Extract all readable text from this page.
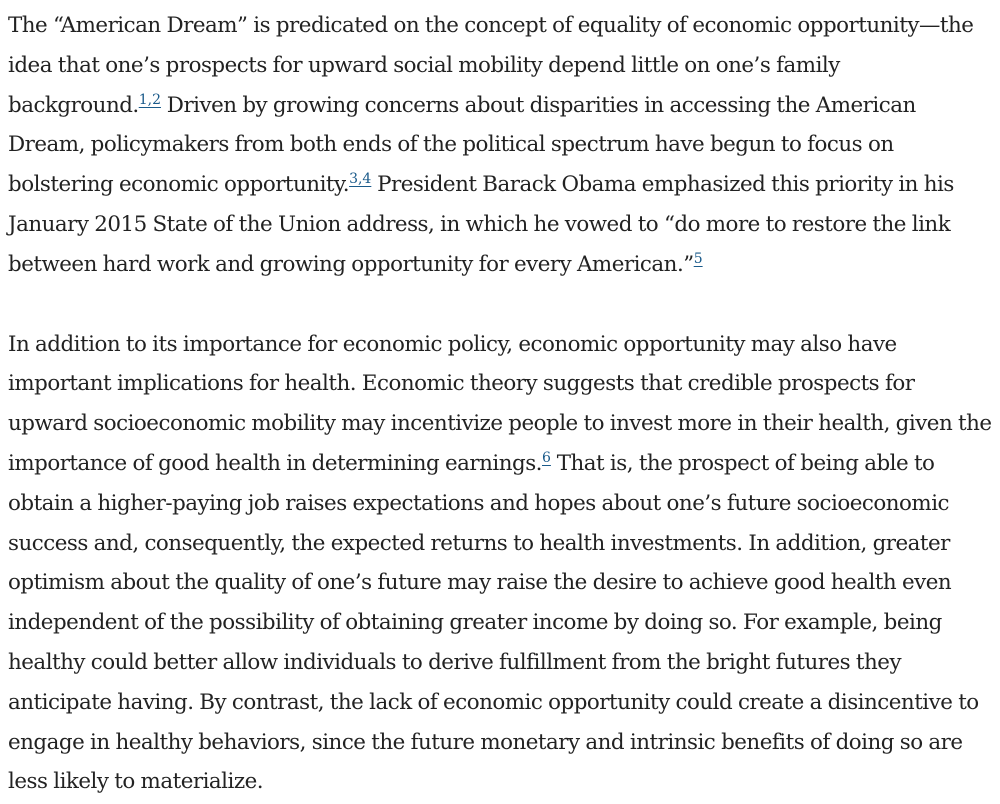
The “American Dream” is predicated on the concept of equality of economic opportunity—the idea that one’s prospects for upward social mobility depend little on one’s family background.$^{1,2}$ Driven by growing concerns about disparities in accessing the American Dream, policymakers from both ends of the political spectrum have begun to focus on bolstering economic opportunity.$^{3,4}$ President Barack Obama emphasized this priority in his January 2015 State of the Union address, in which he vowed to “do more to restore the link between hard work and growing opportunity for every American.”$^5$

In addition to its importance for economic policy, economic opportunity may also have important implications for health. Economic theory suggests that credible prospects for upward socioeconomic mobility may incentivize people to invest more in their health, given the importance of good health in determining earnings.$^6$ That is, the prospect of being able to obtain a higher-paying job raises expectations and hopes about one’s future socioeconomic success and, consequently, the expected returns to health investments. In addition, greater optimism about the quality of one’s future may raise the desire to achieve good health even independent of the possibility of obtaining greater income by doing so. For example, being healthy could better allow individuals to derive fulfillment from the bright futures they anticipate having. By contrast, the lack of economic opportunity could create a disincentive to engage in healthy behaviors, since the future monetary and intrinsic benefits of doing so are less likely to materialize.
